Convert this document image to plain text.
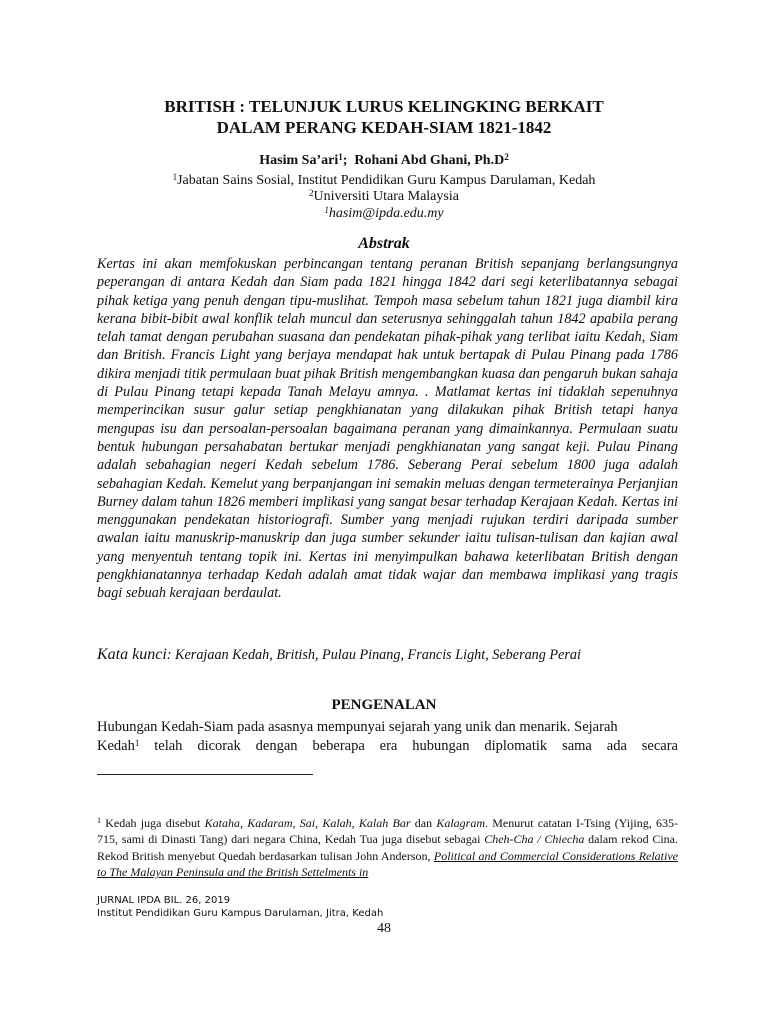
BRITISH : TELUNJUK LURUS KELINGKING BERKAIT
DALAM PERANG KEDAH-SIAM 1821-1842
Hasim Sa’ari$^1$;  Rohani Abd Ghani, $Ph.D^2$
$^1$Jabatan Sains Sosial, Institut Pendidikan Guru Kampus Darulaman, Kedah
$^2$Universiti Utara Malaysia
$^1$hasim@ipda.edu.my
Abstrak
Kertas ini akan memfokuskan perbincangan tentang peranan British sepanjang berlangsungnya peperangan di antara Kedah dan Siam pada 1821 hingga 1842 dari segi keterlibatannya sebagai pihak ketiga yang penuh dengan tipu-muslihat. Tempoh masa sebelum tahun 1821 juga diambil kira kerana bibit-bibit awal konflik telah muncul dan seterusnya sehinggalah tahun 1842 apabila perang telah tamat dengan perubahan suasana dan pendekatan pihak-pihak yang terlibat iaitu Kedah, Siam dan British. Francis Light yang berjaya mendapat hak untuk bertapak di Pulau Pinang pada 1786 dikira menjadi titik permulaan buat pihak British mengembangkan kuasa dan pengaruh bukan sahaja di Pulau Pinang tetapi kepada Tanah Melayu amnya. . Matlamat kertas ini tidaklah sepenuhnya memperincikan susur galur setiap pengkhianatan yang dilakukan pihak British tetapi hanya mengupas isu dan persoalan-persoalan bagaimana peranan yang dimainkannya. Permulaan suatu bentuk hubungan persahabatan bertukar menjadi pengkhianatan yang sangat keji. Pulau Pinang adalah sebahagian negeri Kedah sebelum 1786. Seberang Perai sebelum 1800 juga adalah sebahagian Kedah. Kemelut yang berpanjangan ini semakin meluas dengan termeterainya Perjanjian Burney dalam tahun 1826 memberi implikasi yang sangat besar terhadap Kerajaan Kedah. Kertas ini menggunakan pendekatan historiografi. Sumber yang menjadi rujukan terdiri daripada sumber awalan iaitu manuskrip-manuskrip dan juga sumber sekunder iaitu tulisan-tulisan dan kajian awal yang menyentuh tentang topik ini. Kertas ini menyimpulkan bahawa keterlibatan British dengan pengkhianatannya terhadap Kedah adalah amat tidak wajar dan membawa implikasi yang tragis bagi sebuah kerajaan berdaulat.
Kata kunci: Kerajaan Kedah, British, Pulau Pinang, Francis Light, Seberang Perai
PENGENALAN
Hubungan Kedah-Siam pada asasnya mempunyai sejarah yang unik dan menarik. Sejarah
Kedah$^1$ telah dicorak dengan beberapa era hubungan diplomatik sama ada secara
$^1$ Kedah juga disebut Kataha, Kadaram, Sai, Kalah, Kalah Bar dan Kalagram. Menurut catatan I-Tsing (Yijing, 635-715, sami di Dinasti Tang) dari negara China, Kedah Tua juga disebut sebagai Cheh-Cha / Chiecha dalam rekod Cina. Rekod British menyebut Quedah berdasarkan tulisan John Anderson, Political and Commercial Considerations Relative to The Malayan Peninsula and the British Settelments in
JURNAL IPDA BIL. 26, 2019
Institut Pendidikan Guru Kampus Darulaman, Jitra, Kedah
48
